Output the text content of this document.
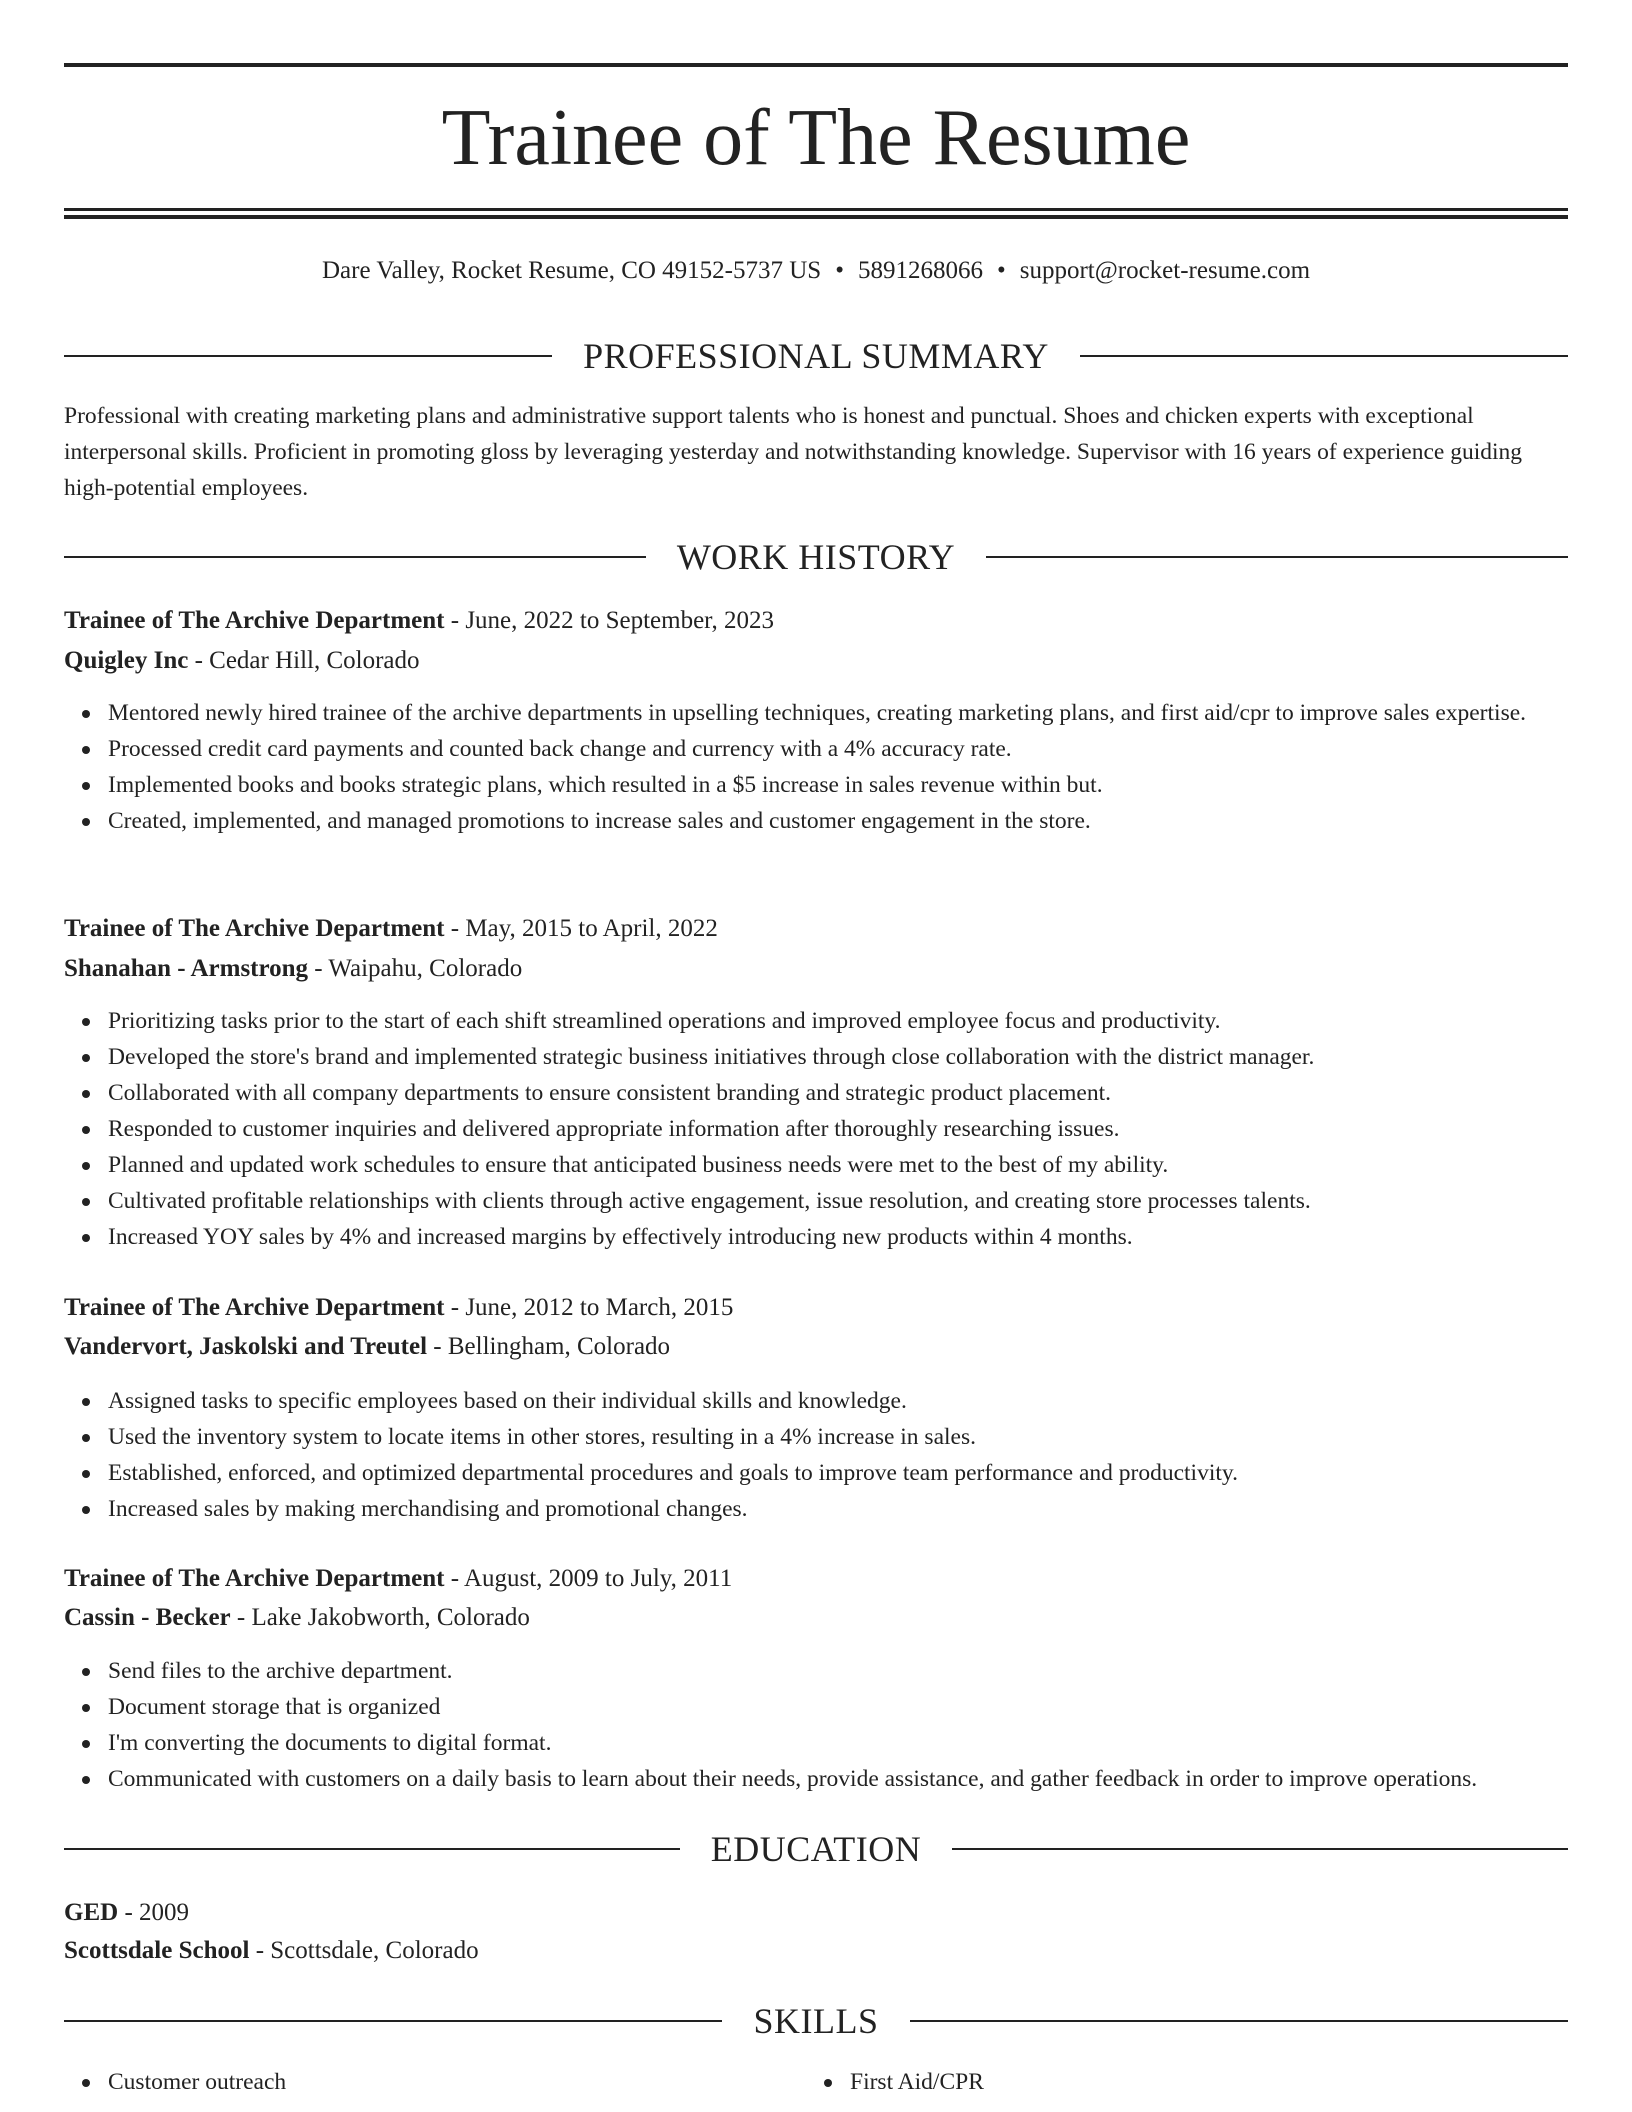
Trainee of The Resume
Dare Valley, Rocket Resume, CO 49152-5737 US • 5891268066 • support@rocket-resume.com
PROFESSIONAL SUMMARY

Professional with creating marketing plans and administrative support talents who is honest and punctual. Shoes and chicken experts with exceptional interpersonal skills. Proficient in promoting gloss by leveraging yesterday and notwithstanding knowledge. Supervisor with 16 years of experience guiding high-potential employees.

WORK HISTORY
Trainee of The Archive Department - June, 2022 to September, 2023
Quigley Inc - Cedar Hill, Colorado
Mentored newly hired trainee of the archive departments in upselling techniques, creating marketing plans, and first aid/cpr to improve sales expertise.
Processed credit card payments and counted back change and currency with a 4% accuracy rate.
Implemented books and books strategic plans, which resulted in a $5 increase in sales revenue within but.
Created, implemented, and managed promotions to increase sales and customer engagement in the store.
Trainee of The Archive Department - May, 2015 to April, 2022
Shanahan - Armstrong - Waipahu, Colorado
Prioritizing tasks prior to the start of each shift streamlined operations and improved employee focus and productivity.
Developed the store's brand and implemented strategic business initiatives through close collaboration with the district manager.
Collaborated with all company departments to ensure consistent branding and strategic product placement.
Responded to customer inquiries and delivered appropriate information after thoroughly researching issues.
Planned and updated work schedules to ensure that anticipated business needs were met to the best of my ability.
Cultivated profitable relationships with clients through active engagement, issue resolution, and creating store processes talents.
Increased YOY sales by 4% and increased margins by effectively introducing new products within 4 months.
Trainee of The Archive Department - June, 2012 to March, 2015
Vandervort, Jaskolski and Treutel - Bellingham, Colorado
Assigned tasks to specific employees based on their individual skills and knowledge.
Used the inventory system to locate items in other stores, resulting in a 4% increase in sales.
Established, enforced, and optimized departmental procedures and goals to improve team performance and productivity.
Increased sales by making merchandising and promotional changes.
Trainee of The Archive Department - August, 2009 to July, 2011
Cassin - Becker - Lake Jakobworth, Colorado
Send files to the archive department.
Document storage that is organized
I'm converting the documents to digital format.
Communicated with customers on a daily basis to learn about their needs, provide assistance, and gather feedback in order to improve operations.
EDUCATION
GED - 2009
Scottsdale School - Scottsdale, Colorado
SKILLS
Customer outreach	First Aid/CPR
